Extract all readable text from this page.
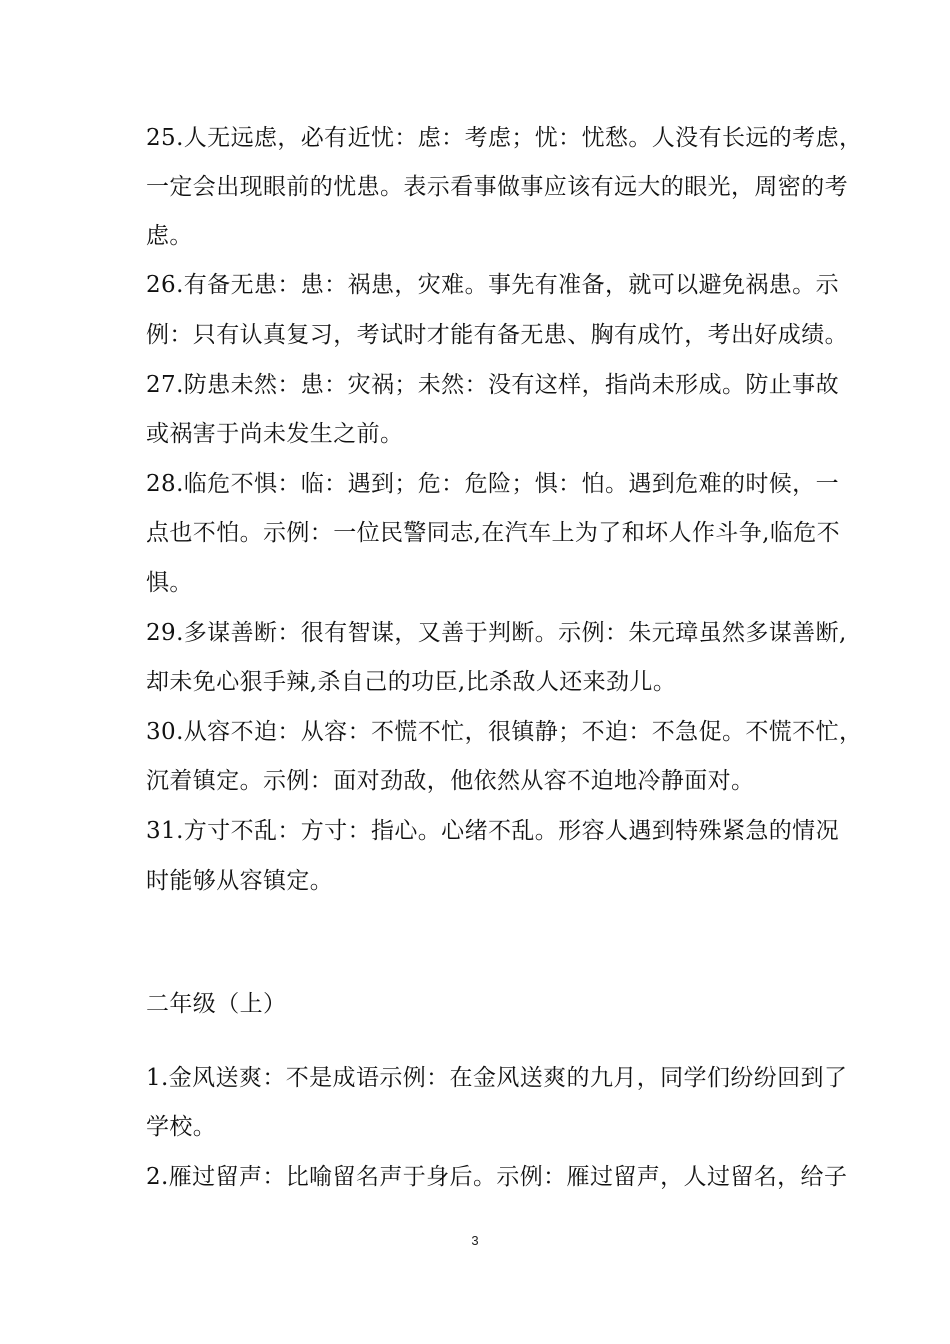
25.人无远虑，必有近忧：虑：考虑；忧：忧愁。人没有长远的考虑，
一定会出现眼前的忧患。表示看事做事应该有远大的眼光，周密的考
虑。
26.有备无患：患：祸患，灾难。事先有准备，就可以避免祸患。示
例：只有认真复习，考试时才能有备无患、胸有成竹，考出好成绩。
27.防患未然：患：灾祸；未然：没有这样，指尚未形成。防止事故
或祸害于尚未发生之前。
28.临危不惧：临：遇到；危：危险；惧：怕。遇到危难的时候，一
点也不怕。示例：一位民警同志,在汽车上为了和坏人作斗争,临危不
惧。
29.多谋善断：很有智谋，又善于判断。示例：朱元璋虽然多谋善断,
却未免心狠手辣,杀自己的功臣,比杀敌人还来劲儿。
30.从容不迫：从容：不慌不忙，很镇静；不迫：不急促。不慌不忙，
沉着镇定。示例：面对劲敌，他依然从容不迫地冷静面对。
31.方寸不乱：方寸：指心。心绪不乱。形容人遇到特殊紧急的情况
时能够从容镇定。
二年级（上）
1.金风送爽：不是成语示例：在金风送爽的九月，同学们纷纷回到了
学校。
2.雁过留声：比喻留名声于身后。示例：雁过留声，人过留名，给子
3
